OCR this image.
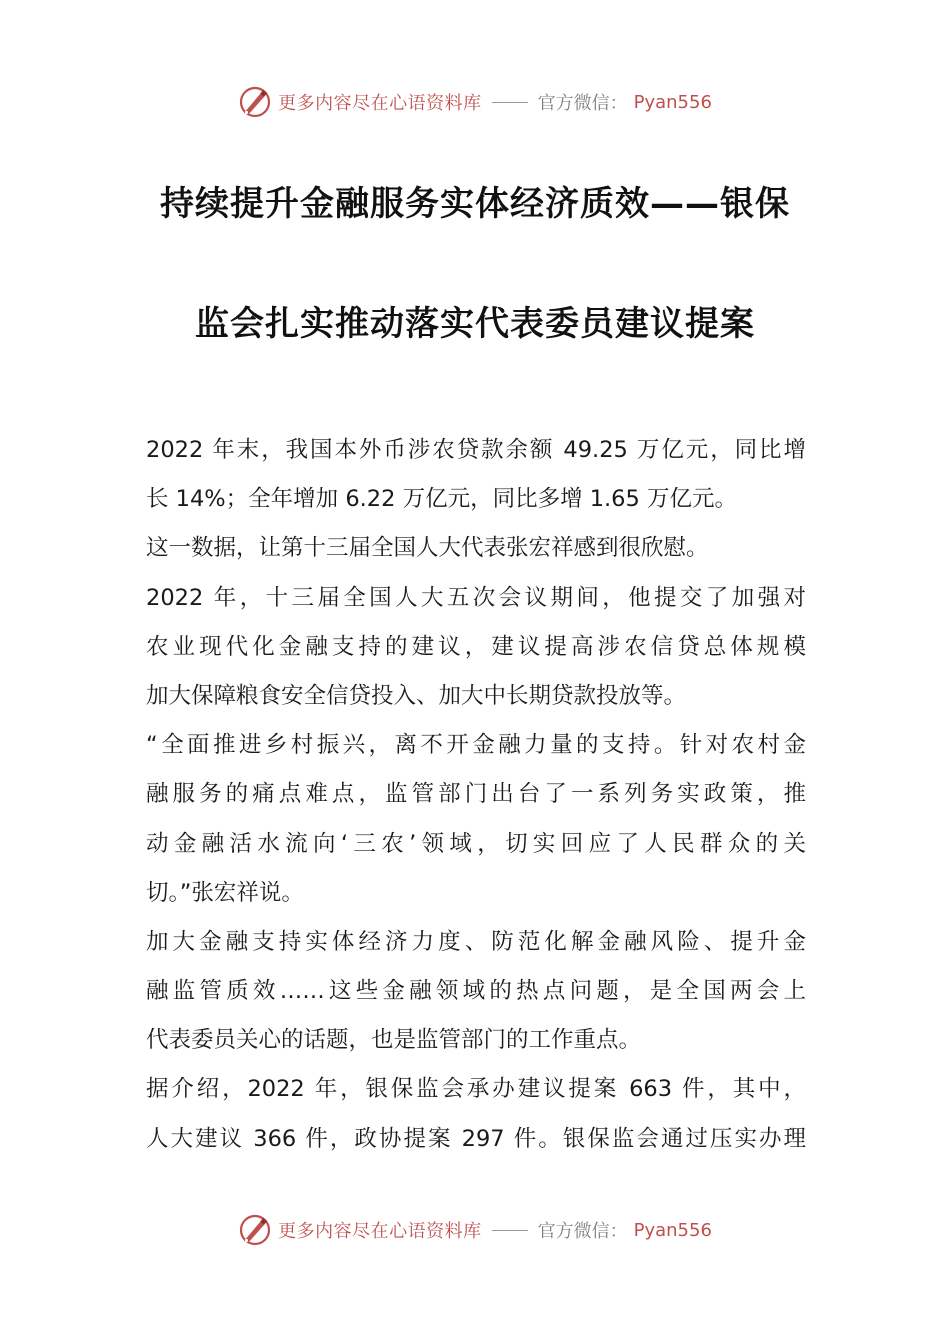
更多内容尽在心语资料库	官方微信： Pyan556
持续提升金融服务实体经济质效——银保
监会扎实推动落实代表委员建议提案
2022 年末，我国本外币涉农贷款余额 49.25 万亿元，同比增
长 14%；全年增加 6.22 万亿元，同比多增 1.65 万亿元。
这一数据，让第十三届全国人大代表张宏祥感到很欣慰。
2022 年，十三届全国人大五次会议期间，他提交了加强对
农业现代化金融支持的建议，建议提高涉农信贷总体规模
加大保障粮食安全信贷投入、加大中长期贷款投放等。
“全面推进乡村振兴，离不开金融力量的支持。针对农村金
融服务的痛点难点，监管部门出台了一系列务实政策，推
动金融活水流向‘三农’领域，切实回应了人民群众的关
切。”张宏祥说。
加大金融支持实体经济力度、防范化解金融风险、提升金
融监管质效……这些金融领域的热点问题，是全国两会上
代表委员关心的话题，也是监管部门的工作重点。
据介绍，2022 年，银保监会承办建议提案 663 件，其中，
人大建议 366 件，政协提案 297 件。银保监会通过压实办理
更多内容尽在心语资料库	官方微信： Pyan556
